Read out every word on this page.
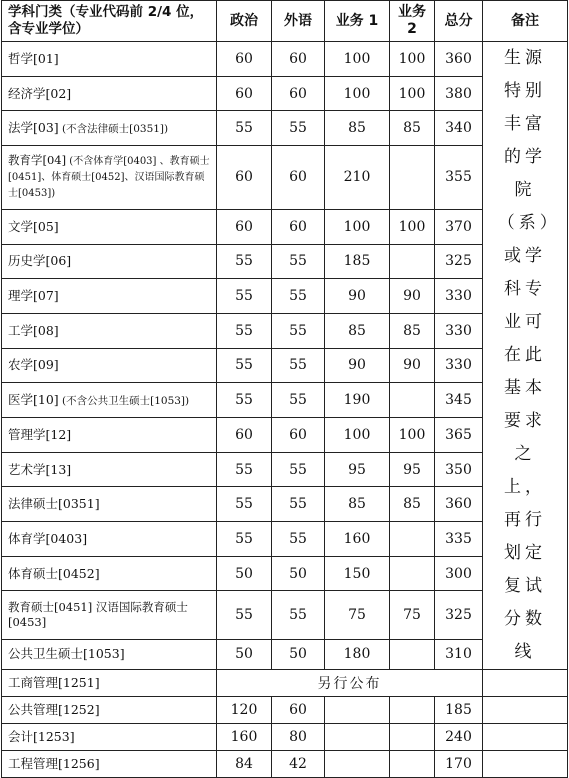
学科门类（专业代码前 2/4 位，含专业学位）	政治	外语	业务 1	业务 2	总分	备注
哲学[01]	60	60	100	100	360	生源特别丰富的学院（系）或学科专业可在此基本要求之上，再行划定复试分数线
经济学[02]	60	60	100	100	380	
法学[03] (不含法律硕士[0351])	55	55	85	85	340	
教育学[04] (不含体育学[0403] 、教育硕士[0451]、体育硕士[0452]、汉语国际教育硕士[0453])	60	60	210		355	
文学[05]	60	60	100	100	370	
历史学[06]	55	55	185		325	
理学[07]	55	55	90	90	330	
工学[08]	55	55	85	85	330	
农学[09]	55	55	90	90	330	
医学[10] (不含公共卫生硕士[1053])	55	55	190		345	
管理学[12]	60	60	100	100	365	
艺术学[13]	55	55	95	95	350	
法律硕士[0351]	55	55	85	85	360	
体育学[0403]	55	55	160		335	
体育硕士[0452]	50	50	150		300	
教育硕士[0451] 汉语国际教育硕士[0453]	55	55	75	75	325	
公共卫生硕士[1053]	50	50	180		310	
工商管理[1251]	另行公布					
公共管理[1252]	120	60			185	
会计[1253]	160	80			240	
工程管理[1256]	84	42			170	
